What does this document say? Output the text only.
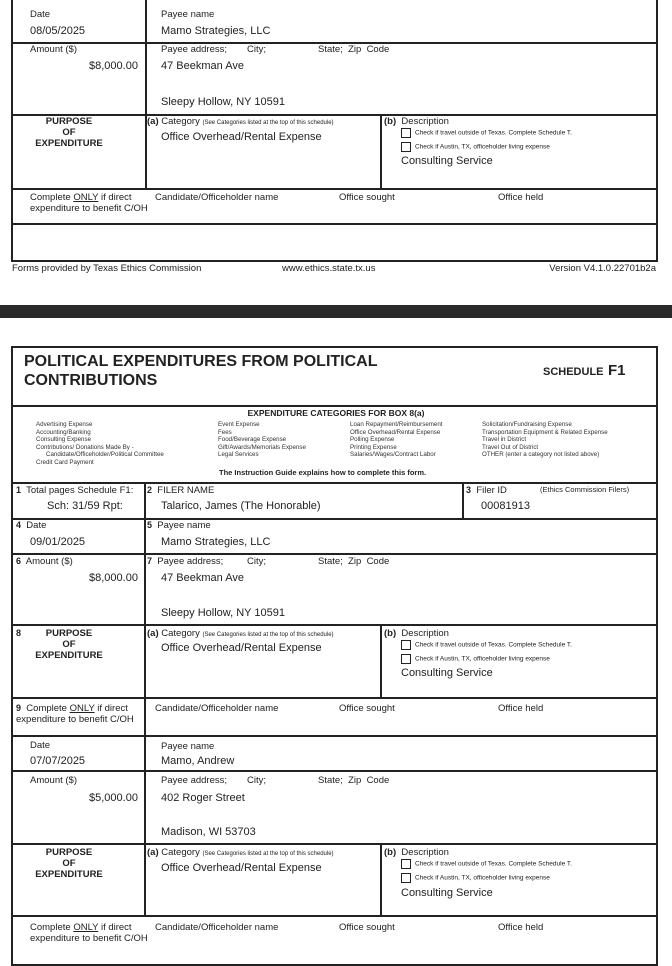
Date
08/05/2025
Payee name
Mamo Strategies, LLC
Amount ($)
$8,000.00
Payee address; City;	State;  Zip  Code
47 Beekman Ave
Sleepy Hollow, NY 10591
PURPOSE
OF
EXPENDITURE
(a) Category (See Categories listed at the top of this schedule)
Office Overhead/Rental Expense
(b) Description
Check if travel outside of Texas. Complete Schedule T.
Check if Austin, TX, officeholder living expense
Consulting Service
Complete ONLY if direct
expenditure to benefit C/OH
Candidate/Officeholder name	Office sought	Office held
Forms provided by Texas Ethics Commission	www.ethics.state.tx.us	Version V4.1.0.22701b2a
POLITICAL EXPENDITURES FROM POLITICAL
CONTRIBUTIONS	SCHEDULE F1
EXPENDITURE CATEGORIES FOR BOX 8(a)
Advertising Expense
Accounting/Banking
Consulting Expense
Contributions/ Donations Made By -
Candidate/Officeholder/Political Committee
Credit Card Payment
Event Expense
Fees
Food/Beverage Expense
Gift/Awards/Memorials Expense
Legal Services
Loan Repayment/Reimbursement
Office Overhead/Rental Expense
Polling Expense
Printing Expense
Salaries/Wages/Contract Labor
Solicitation/Fundraising Expense
Transportation Equipment & Related Expense
Travel in District
Travel Out of District
OTHER (enter a category not listed above)
The Instruction Guide explains how to complete this form.
1 Total pages Schedule F1:
Sch: 31/59 Rpt:
2 FILER NAME
Talarico, James (The Honorable)
3 Filer ID	(Ethics Commission Filers)
00081913
4 Date
09/01/2025
5 Payee name
Mamo Strategies, LLC
6 Amount ($)
$8,000.00
7 Payee address; City;	State;  Zip  Code
47 Beekman Ave
Sleepy Hollow, NY 10591
8	PURPOSE
OF
EXPENDITURE
(a) Category (See Categories listed at the top of this schedule)
Office Overhead/Rental Expense
(b) Description
Check if travel outside of Texas. Complete Schedule T.
Check if Austin, TX, officeholder living expense
Consulting Service
9 Complete ONLY if direct
expenditure to benefit C/OH
Candidate/Officeholder name	Office sought	Office held
Date
07/07/2025
Payee name
Mamo, Andrew
Amount ($)
$5,000.00
Payee address; City;	State;  Zip  Code
402 Roger Street
Madison, WI 53703
PURPOSE
OF
EXPENDITURE
(a) Category (See Categories listed at the top of this schedule)
Office Overhead/Rental Expense
(b) Description
Check if travel outside of Texas. Complete Schedule T.
Check if Austin, TX, officeholder living expense
Consulting Service
Complete ONLY if direct
expenditure to benefit C/OH
Candidate/Officeholder name	Office sought	Office held
